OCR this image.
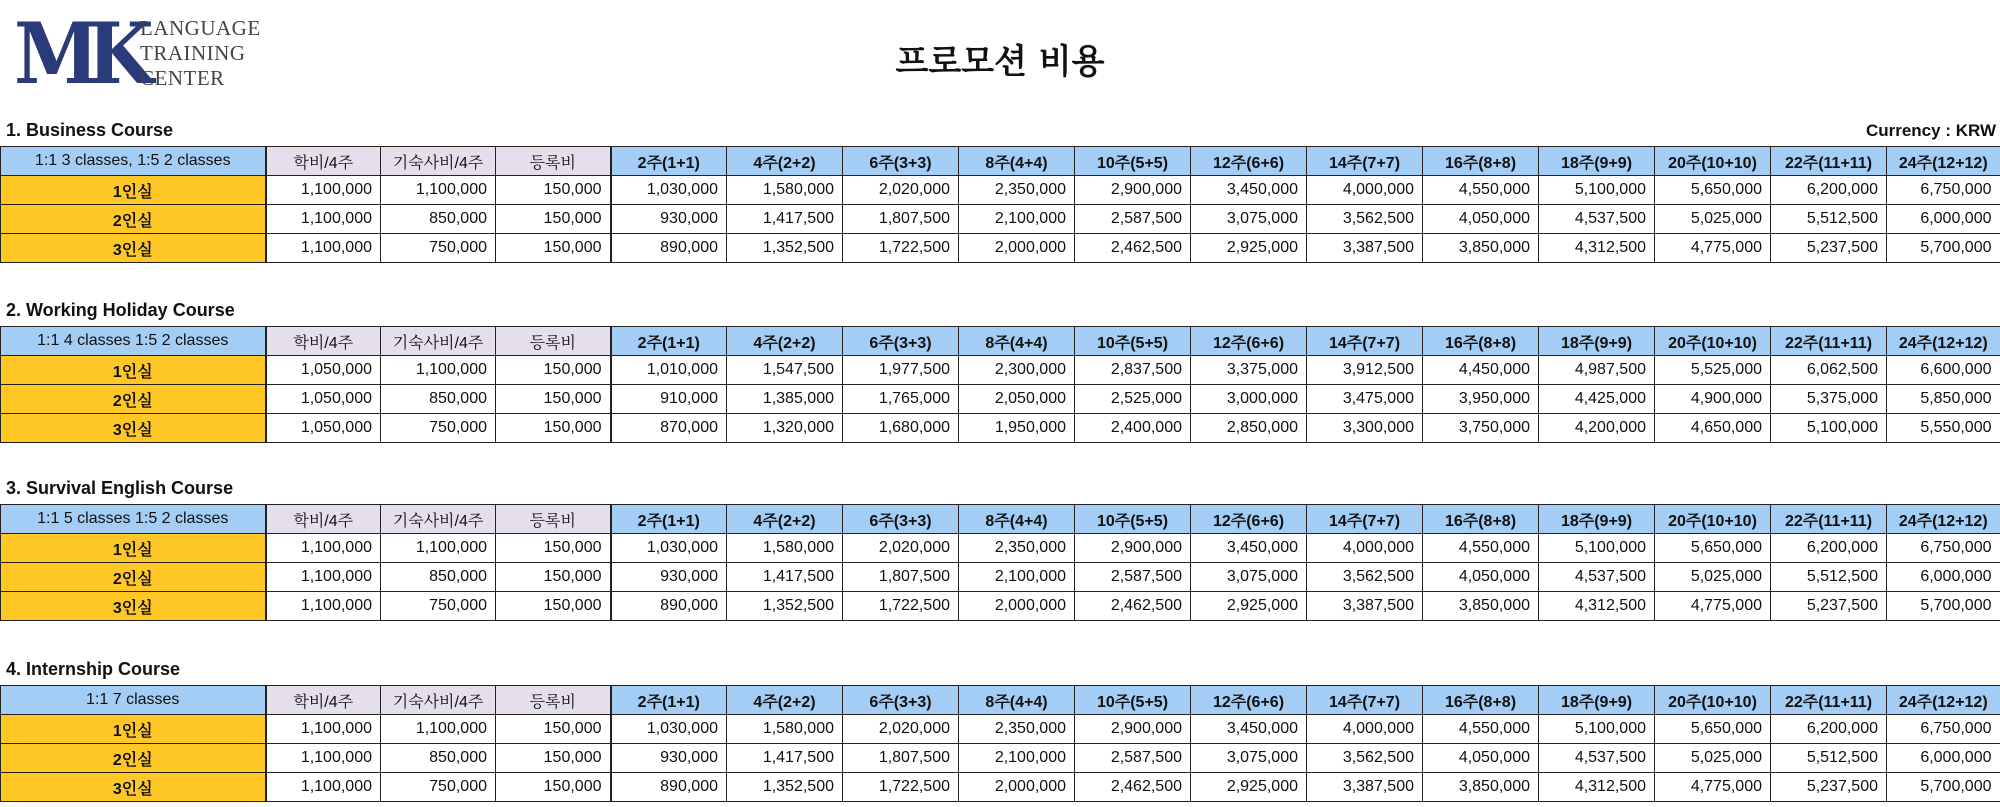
MK LANGUAGE
TRAINING
CENTER	프로모션 비용
Currency : KRW
1. Business Course
1:1 3 classes, 1:5 2 classes	학비/4주	기숙사비/4주	등록비	2주(1+1)	4주(2+2)	6주(3+3)	8주(4+4)	10주(5+5)	12주(6+6)	14주(7+7)	16주(8+8)	18주(9+9)	20주(10+10)	22주(11+11)	24주(12+12)
1인실	1,100,000	1,100,000	150,000	1,030,000	1,580,000	2,020,000	2,350,000	2,900,000	3,450,000	4,000,000	4,550,000	5,100,000	5,650,000	6,200,000	6,750,000
2인실	1,100,000	850,000	150,000	930,000	1,417,500	1,807,500	2,100,000	2,587,500	3,075,000	3,562,500	4,050,000	4,537,500	5,025,000	5,512,500	6,000,000
3인실	1,100,000	750,000	150,000	890,000	1,352,500	1,722,500	2,000,000	2,462,500	2,925,000	3,387,500	3,850,000	4,312,500	4,775,000	5,237,500	5,700,000
2. Working Holiday Course
1:1 4 classes 1:5 2 classes	학비/4주	기숙사비/4주	등록비	2주(1+1)	4주(2+2)	6주(3+3)	8주(4+4)	10주(5+5)	12주(6+6)	14주(7+7)	16주(8+8)	18주(9+9)	20주(10+10)	22주(11+11)	24주(12+12)
1인실	1,050,000	1,100,000	150,000	1,010,000	1,547,500	1,977,500	2,300,000	2,837,500	3,375,000	3,912,500	4,450,000	4,987,500	5,525,000	6,062,500	6,600,000
2인실	1,050,000	850,000	150,000	910,000	1,385,000	1,765,000	2,050,000	2,525,000	3,000,000	3,475,000	3,950,000	4,425,000	4,900,000	5,375,000	5,850,000
3인실	1,050,000	750,000	150,000	870,000	1,320,000	1,680,000	1,950,000	2,400,000	2,850,000	3,300,000	3,750,000	4,200,000	4,650,000	5,100,000	5,550,000
3. Survival English Course
1:1 5 classes 1:5 2 classes	학비/4주	기숙사비/4주	등록비	2주(1+1)	4주(2+2)	6주(3+3)	8주(4+4)	10주(5+5)	12주(6+6)	14주(7+7)	16주(8+8)	18주(9+9)	20주(10+10)	22주(11+11)	24주(12+12)
1인실	1,100,000	1,100,000	150,000	1,030,000	1,580,000	2,020,000	2,350,000	2,900,000	3,450,000	4,000,000	4,550,000	5,100,000	5,650,000	6,200,000	6,750,000
2인실	1,100,000	850,000	150,000	930,000	1,417,500	1,807,500	2,100,000	2,587,500	3,075,000	3,562,500	4,050,000	4,537,500	5,025,000	5,512,500	6,000,000
3인실	1,100,000	750,000	150,000	890,000	1,352,500	1,722,500	2,000,000	2,462,500	2,925,000	3,387,500	3,850,000	4,312,500	4,775,000	5,237,500	5,700,000
4. Internship Course
1:1 7 classes	학비/4주	기숙사비/4주	등록비	2주(1+1)	4주(2+2)	6주(3+3)	8주(4+4)	10주(5+5)	12주(6+6)	14주(7+7)	16주(8+8)	18주(9+9)	20주(10+10)	22주(11+11)	24주(12+12)
1인실	1,100,000	1,100,000	150,000	1,030,000	1,580,000	2,020,000	2,350,000	2,900,000	3,450,000	4,000,000	4,550,000	5,100,000	5,650,000	6,200,000	6,750,000
2인실	1,100,000	850,000	150,000	930,000	1,417,500	1,807,500	2,100,000	2,587,500	3,075,000	3,562,500	4,050,000	4,537,500	5,025,000	5,512,500	6,000,000
3인실	1,100,000	750,000	150,000	890,000	1,352,500	1,722,500	2,000,000	2,462,500	2,925,000	3,387,500	3,850,000	4,312,500	4,775,000	5,237,500	5,700,000
